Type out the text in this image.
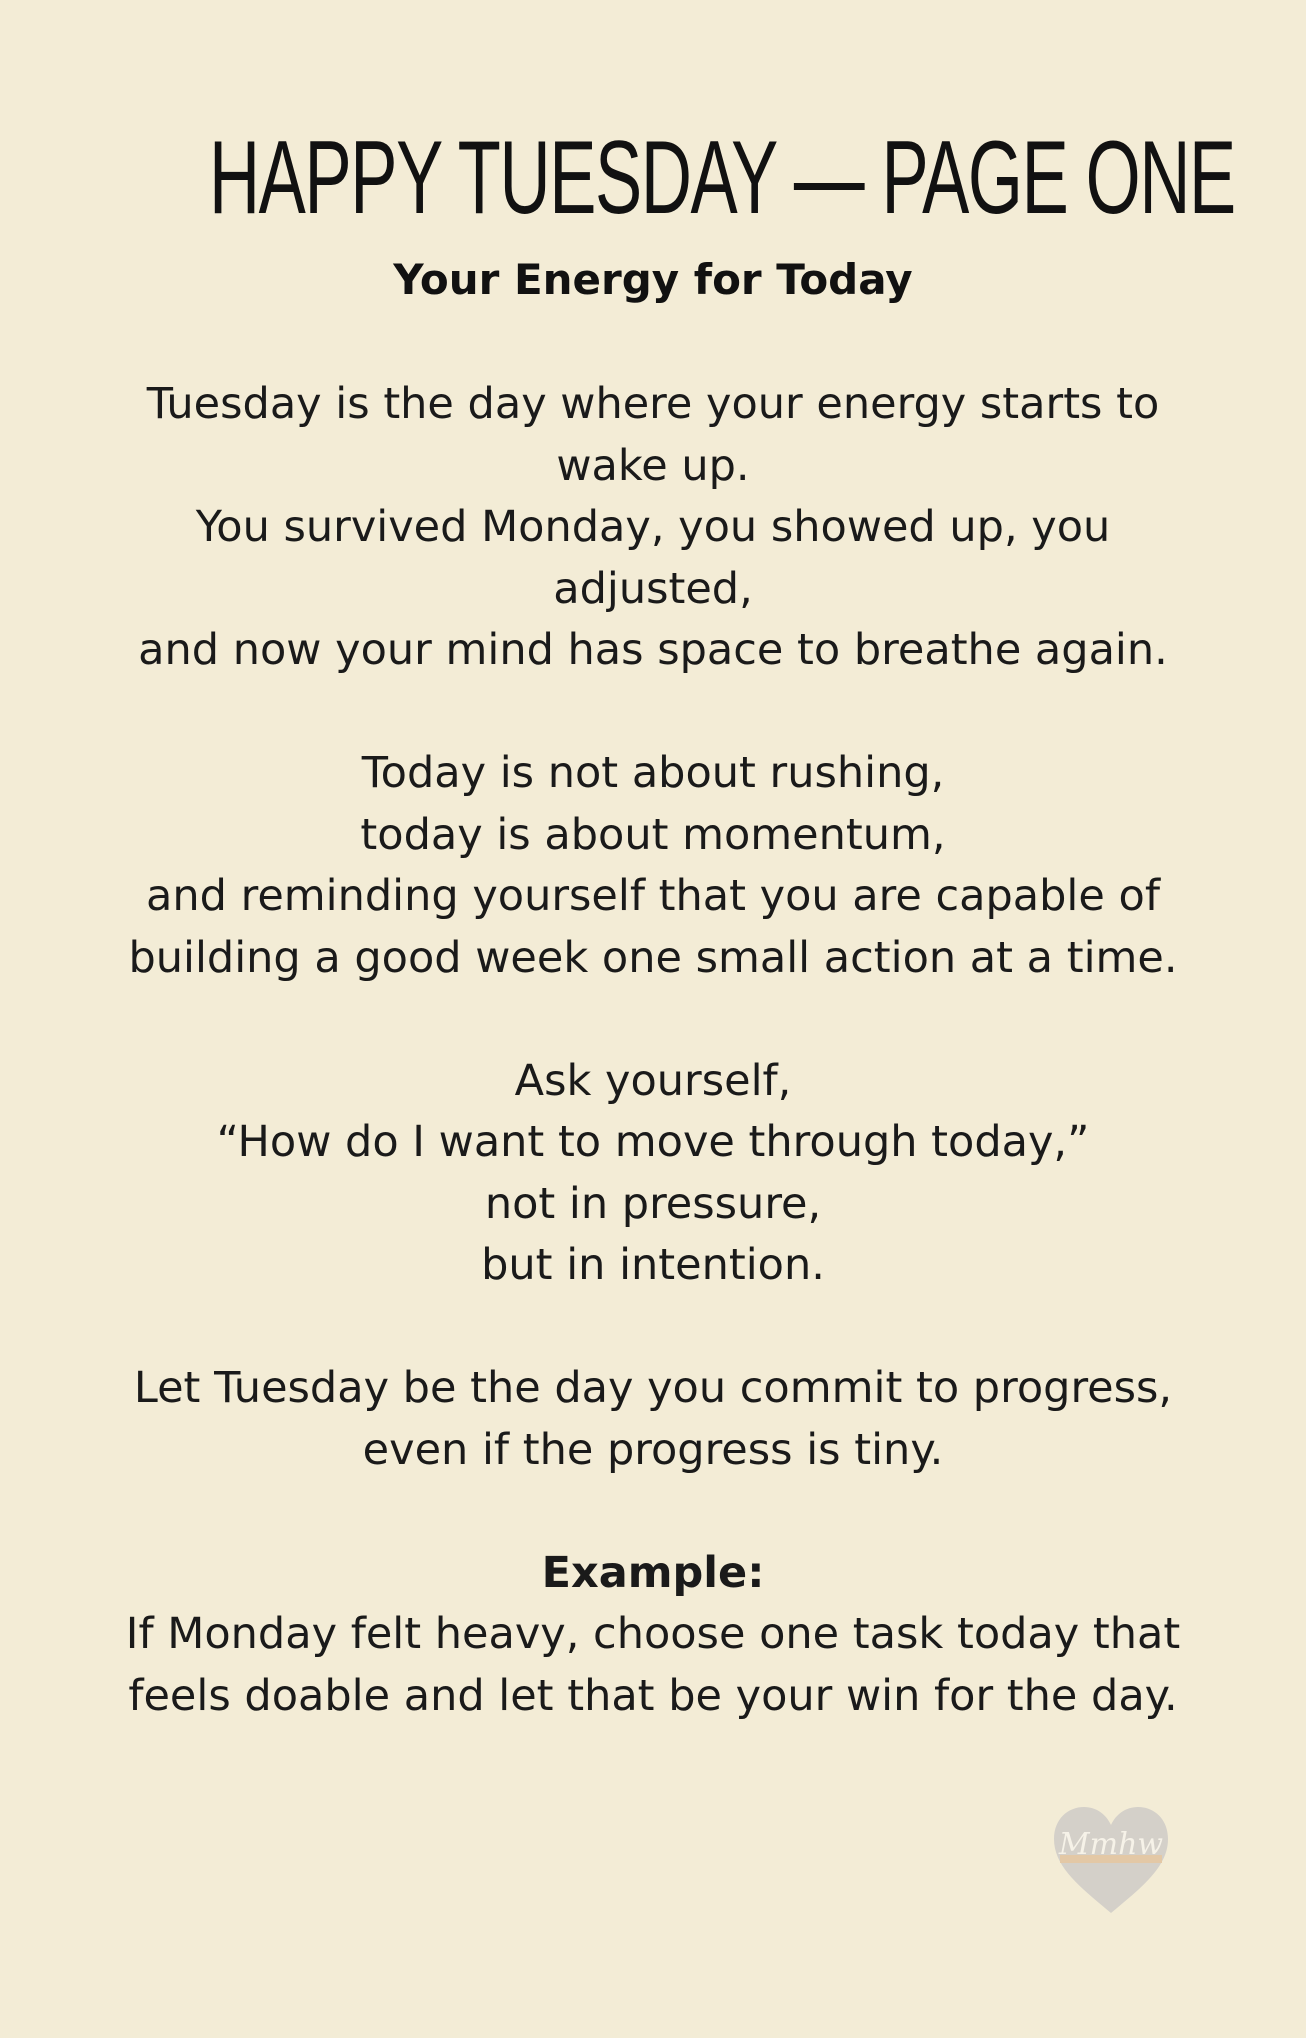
HAPPY TUESDAY — PAGE ONE
Your Energy for Today
Tuesday is the day where your energy starts to
wake up.
You survived Monday, you showed up, you
adjusted,
and now your mind has space to breathe again.
Today is not about rushing,
today is about momentum,
and reminding yourself that you are capable of
building a good week one small action at a time.
Ask yourself,
“How do I want to move through today,”
not in pressure,
but in intention.
Let Tuesday be the day you commit to progress,
even if the progress is tiny.
Example:
If Monday felt heavy, choose one task today that
feels doable and let that be your win for the day.
Mmhw
